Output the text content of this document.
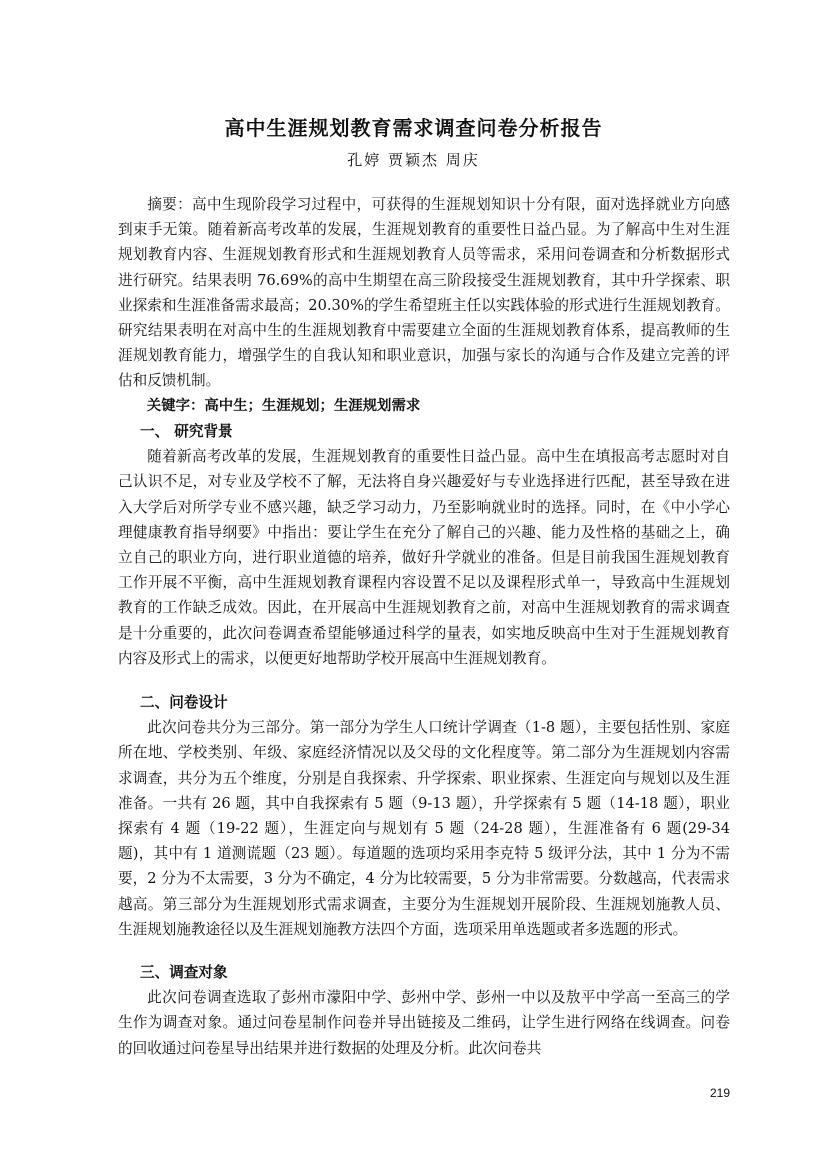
高中生涯规划教育需求调查问卷分析报告
孔婷 贾颖杰 周庆

摘要：高中生现阶段学习过程中，可获得的生涯规划知识十分有限，面对选择就业方向感到束手无策。随着新高考改革的发展，生涯规划教育的重要性日益凸显。为了解高中生对生涯规划教育内容、生涯规划教育形式和生涯规划教育人员等需求，采用问卷调查和分析数据形式进行研究。结果表明 76.69%的高中生期望在高三阶段接受生涯规划教育，其中升学探索、职业探索和生涯准备需求最高；20.30%的学生希望班主任以实践体验的形式进行生涯规划教育。研究结果表明在对高中生的生涯规划教育中需要建立全面的生涯规划教育体系，提高教师的生涯规划教育能力，增强学生的自我认知和职业意识，加强与家长的沟通与合作及建立完善的评估和反馈机制。

关键字：高中生；生涯规划；生涯规划需求

一、 研究背景

随着新高考改革的发展，生涯规划教育的重要性日益凸显。高中生在填报高考志愿时对自己认识不足，对专业及学校不了解，无法将自身兴趣爱好与专业选择进行匹配，甚至导致在进入大学后对所学专业不感兴趣，缺乏学习动力，乃至影响就业时的选择。同时，在《中小学心理健康教育指导纲要》中指出：要让学生在充分了解自己的兴趣、能力及性格的基础之上，确立自己的职业方向，进行职业道德的培养，做好升学就业的准备。但是目前我国生涯规划教育工作开展不平衡，高中生涯规划教育课程内容设置不足以及课程形式单一，导致高中生涯规划教育的工作缺乏成效。因此，在开展高中生涯规划教育之前，对高中生涯规划教育的需求调查是十分重要的，此次问卷调查希望能够通过科学的量表，如实地反映高中生对于生涯规划教育内容及形式上的需求，以便更好地帮助学校开展高中生涯规划教育。

二、问卷设计

此次问卷共分为三部分。第一部分为学生人口统计学调查（1-8 题），主要包括性别、家庭所在地、学校类别、年级、家庭经济情况以及父母的文化程度等。第二部分为生涯规划内容需求调查，共分为五个维度，分别是自我探索、升学探索、职业探索、生涯定向与规划以及生涯准备。一共有 26 题，其中自我探索有 5 题（9-13 题），升学探索有 5 题（14-18 题），职业探索有 4 题（19-22 题），生涯定向与规划有 5 题（24-28 题），生涯准备有 6 题(29-34 题)，其中有 1 道测谎题（23 题）。每道题的选项均采用李克特 5 级评分法，其中 1 分为不需要，2 分为不太需要，3 分为不确定，4 分为比较需要，5 分为非常需要。分数越高，代表需求越高。第三部分为生涯规划形式需求调查，主要分为生涯规划开展阶段、生涯规划施教人员、生涯规划施教途径以及生涯规划施教方法四个方面，选项采用单选题或者多选题的形式。

三、调查对象

此次问卷调查选取了彭州市濛阳中学、彭州中学、彭州一中以及敖平中学高一至高三的学生作为调查对象。通过问卷星制作问卷并导出链接及二维码，让学生进行网络在线调查。问卷的回收通过问卷星导出结果并进行数据的处理及分析。此次问卷共

219
